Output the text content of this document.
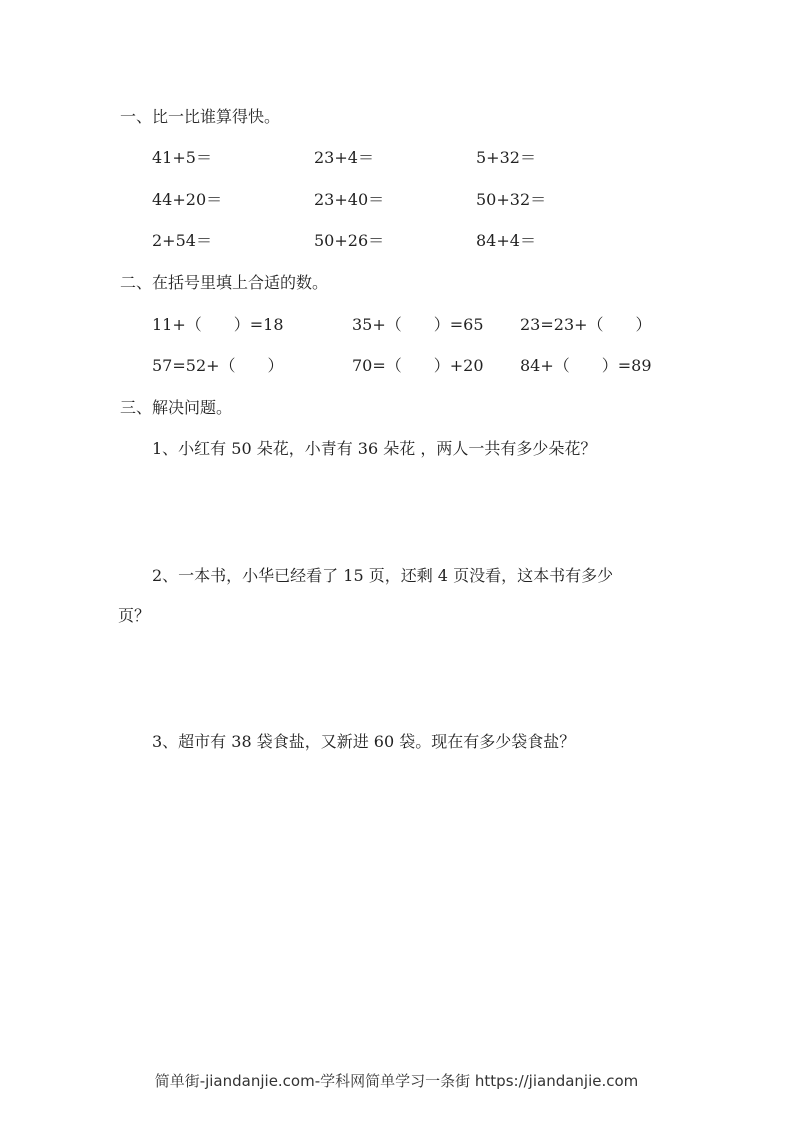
一、比一比谁算得快。
41+5＝	23+4＝	5+32＝
44+20＝	23+40＝	50+32＝
2+54＝	50+26＝	84+4＝
二、在括号里填上合适的数。
11+（　　）=18	35+（　　）=65 23=23+（　　）
57=52+（　　）	70=（　　）+20 84+（　　）=89
三、解决问题。
1、小红有 50 朵花，小青有 36 朵花 ，两人一共有多少朵花？
2、一本书，小华已经看了 15 页，还剩 4 页没看，这本书有多少
页？
3、超市有 38 袋食盐，又新进 60 袋。现在有多少袋食盐？
简单街-jiandanjie.com-学科网简单学习一条街 https://jiandanjie.com
